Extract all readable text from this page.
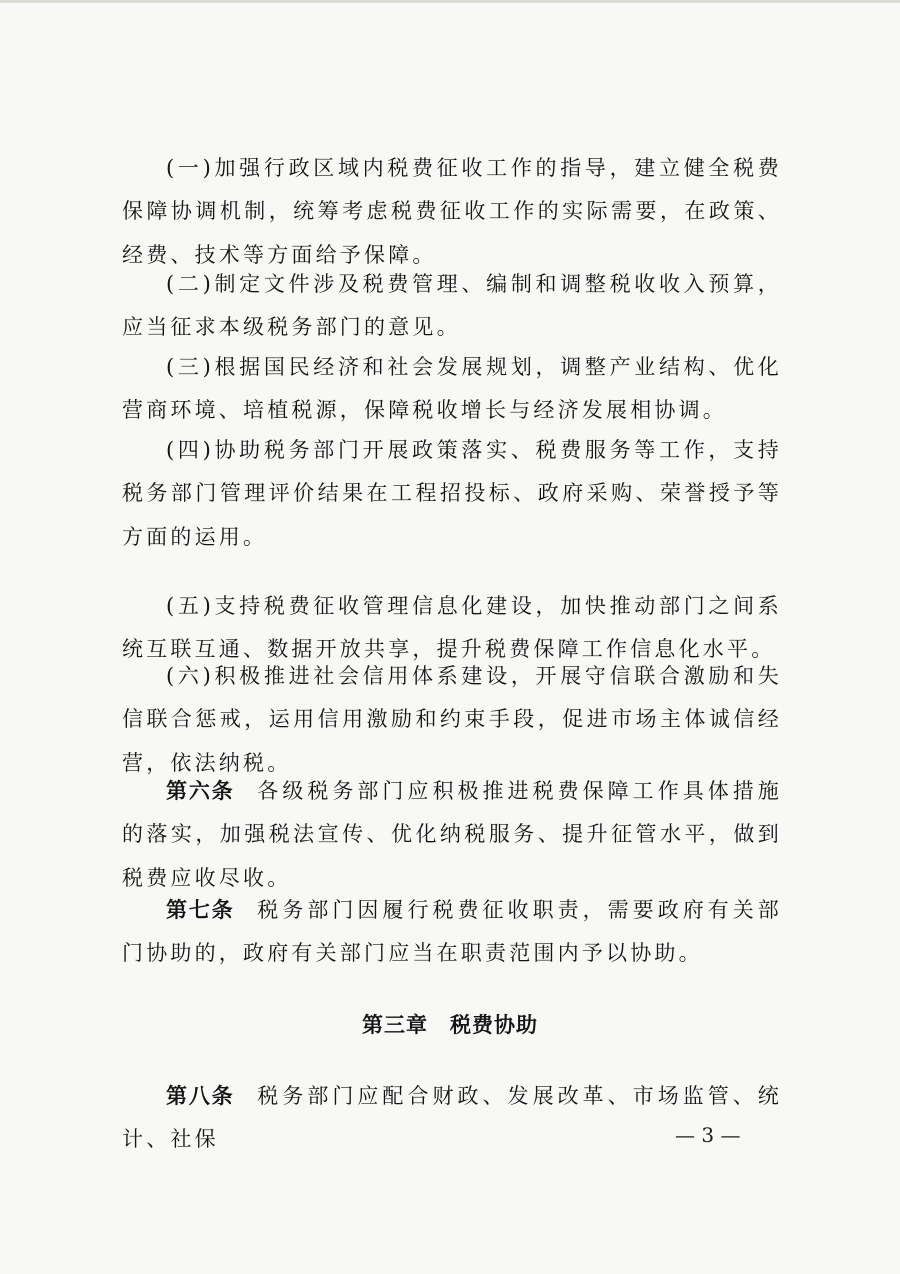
(一)加强行政区域内税费征收工作的指导，建立健全税费保障协调机制，统筹考虑税费征收工作的实际需要，在政策、经费、技术等方面给予保障。

(二)制定文件涉及税费管理、编制和调整税收收入预算，应当征求本级税务部门的意见。

(三)根据国民经济和社会发展规划，调整产业结构、优化营商环境、培植税源，保障税收增长与经济发展相协调。

(四)协助税务部门开展政策落实、税费服务等工作，支持税务部门管理评价结果在工程招投标、政府采购、荣誉授予等方面的运用。

(五)支持税费征收管理信息化建设，加快推动部门之间系统互联互通、数据开放共享，提升税费保障工作信息化水平。

(六)积极推进社会信用体系建设，开展守信联合激励和失信联合惩戒，运用信用激励和约束手段，促进市场主体诚信经营，依法纳税。

第六条 各级税务部门应积极推进税费保障工作具体措施的落实，加强税法宣传、优化纳税服务、提升征管水平，做到税费应收尽收。

第七条 税务部门因履行税费征收职责，需要政府有关部门协助的，政府有关部门应当在职责范围内予以协助。

第三章 税费协助

第八条 税务部门应配合财政、发展改革、市场监管、统计、社保	— 3 —
